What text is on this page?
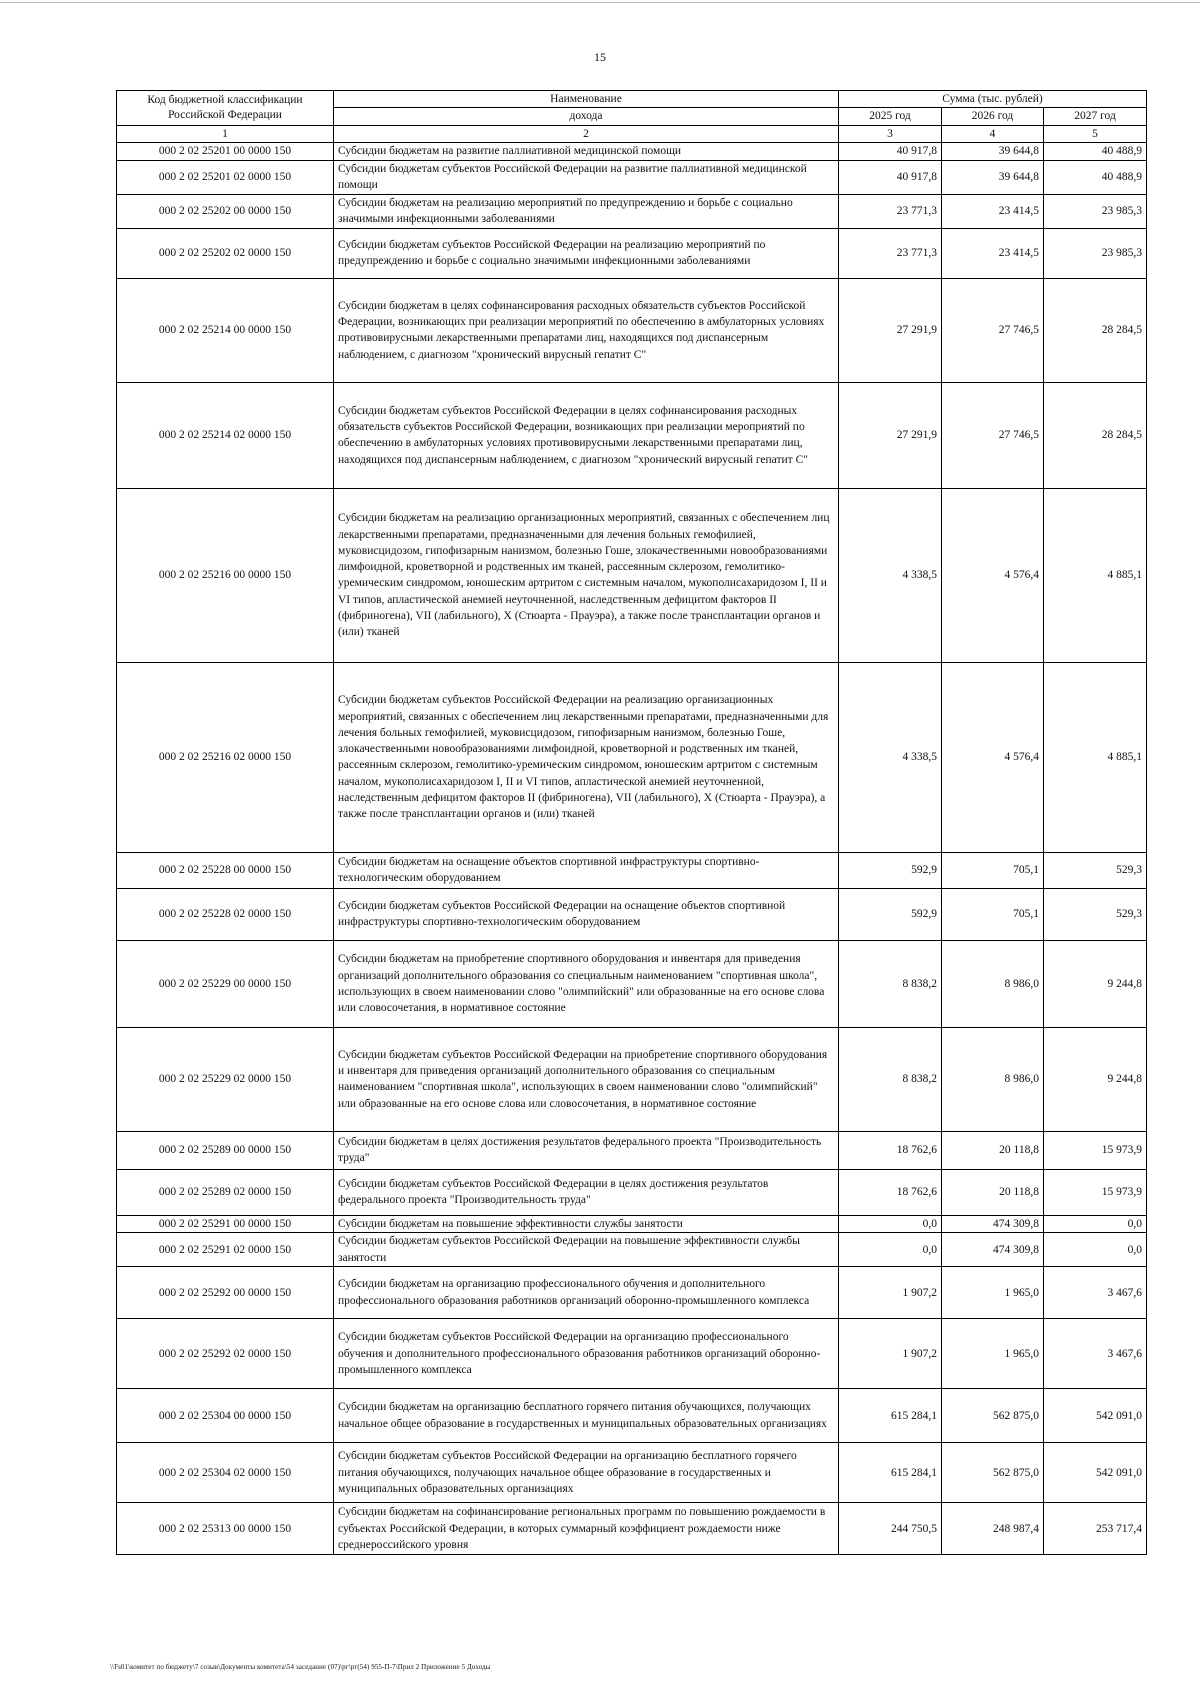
15
Код бюджетной классификации Российской Федерации	Наименование	Сумма (тыс. рублей)		
	дохода	2025 год	2026 год	2027 год
1	2	3	4	5
000 2 02 25201 00 0000 150	Субсидии бюджетам на развитие паллиативной медицинской помощи	40 917,8	39 644,8	40 488,9
000 2 02 25201 02 0000 150	Субсидии бюджетам субъектов Российской Федерации на развитие паллиативной медицинской помощи	40 917,8	39 644,8	40 488,9
000 2 02 25202 00 0000 150	Субсидии бюджетам на реализацию мероприятий по предупреждению и борьбе с социально значимыми инфекционными заболеваниями	23 771,3	23 414,5	23 985,3
000 2 02 25202 02 0000 150	Субсидии бюджетам субъектов Российской Федерации на реализацию мероприятий по предупреждению и борьбе с социально значимыми инфекционными заболеваниями	23 771,3	23 414,5	23 985,3
000 2 02 25214 00 0000 150	Субсидии бюджетам в целях софинансирования расходных обязательств субъектов Российской Федерации, возникающих при реализации мероприятий по обеспечению в амбулаторных условиях противовирусными лекарственными препаратами лиц, находящихся под диспансерным наблюдением, с диагнозом "хронический вирусный гепатит C"	27 291,9	27 746,5	28 284,5
000 2 02 25214 02 0000 150	Субсидии бюджетам субъектов Российской Федерации в целях софинансирования расходных обязательств субъектов Российской Федерации, возникающих при реализации мероприятий по обеспечению в амбулаторных условиях противовирусными лекарственными препаратами лиц, находящихся под диспансерным наблюдением, с диагнозом "хронический вирусный гепатит C"	27 291,9	27 746,5	28 284,5
000 2 02 25216 00 0000 150	Субсидии бюджетам на реализацию организационных мероприятий, связанных с обеспечением лиц лекарственными препаратами, предназначенными для лечения больных гемофилией, муковисцидозом, гипофизарным нанизмом, болезнью Гоше, злокачественными новообразованиями лимфоидной, кроветворной и родственных им тканей, рассеянным склерозом, гемолитико-уремическим синдромом, юношеским артритом с системным началом, мукополисахаридозом I, II и VI типов, апластической анемией неуточненной, наследственным дефицитом факторов II (фибриногена), VII (лабильного), X (Стюарта - Прауэра), а также после трансплантации органов и (или) тканей	4 338,5	4 576,4	4 885,1
000 2 02 25216 02 0000 150	Субсидии бюджетам субъектов Российской Федерации на реализацию организационных мероприятий, связанных с обеспечением лиц лекарственными препаратами, предназначенными для лечения больных гемофилией, муковисцидозом, гипофизарным нанизмом, болезнью Гоше, злокачественными новообразованиями лимфоидной, кроветворной и родственных им тканей, рассеянным склерозом, гемолитико-уремическим синдромом, юношеским артритом с системным началом, мукополисахаридозом I, II и VI типов, апластической анемией неуточненной, наследственным дефицитом факторов II (фибриногена), VII (лабильного), X (Стюарта - Прауэра), а также после трансплантации органов и (или) тканей	4 338,5	4 576,4	4 885,1
000 2 02 25228 00 0000 150	Субсидии бюджетам на оснащение объектов спортивной инфраструктуры спортивно-технологическим оборудованием	592,9	705,1	529,3
000 2 02 25228 02 0000 150	Субсидии бюджетам субъектов Российской Федерации на оснащение объектов спортивной инфраструктуры спортивно-технологическим оборудованием	592,9	705,1	529,3
000 2 02 25229 00 0000 150	Субсидии бюджетам на приобретение спортивного оборудования и инвентаря для приведения организаций дополнительного образования со специальным наименованием "спортивная школа", использующих в своем наименовании слово "олимпийский" или образованные на его основе слова или словосочетания, в нормативное состояние	8 838,2	8 986,0	9 244,8
000 2 02 25229 02 0000 150	Субсидии бюджетам субъектов Российской Федерации на приобретение спортивного оборудования и инвентаря для приведения организаций дополнительного образования со специальным наименованием "спортивная школа", использующих в своем наименовании слово "олимпийский" или образованные на его основе слова или словосочетания, в нормативное состояние	8 838,2	8 986,0	9 244,8
000 2 02 25289 00 0000 150	Субсидии бюджетам в целях достижения результатов федерального проекта "Производительность труда"	18 762,6	20 118,8	15 973,9
000 2 02 25289 02 0000 150	Субсидии бюджетам субъектов Российской Федерации в целях достижения результатов федерального проекта "Производительность труда"	18 762,6	20 118,8	15 973,9
000 2 02 25291 00 0000 150	Субсидии бюджетам на повышение эффективности службы занятости	0,0	474 309,8	0,0
000 2 02 25291 02 0000 150	Субсидии бюджетам субъектов Российской Федерации на повышение эффективности службы занятости	0,0	474 309,8	0,0
000 2 02 25292 00 0000 150	Субсидии бюджетам на организацию профессионального обучения и дополнительного профессионального образования работников организаций оборонно-промышленного комплекса	1 907,2	1 965,0	3 467,6
000 2 02 25292 02 0000 150	Субсидии бюджетам субъектов Российской Федерации на организацию профессионального обучения и дополнительного профессионального образования работников организаций оборонно-промышленного комплекса	1 907,2	1 965,0	3 467,6
000 2 02 25304 00 0000 150	Субсидии бюджетам на организацию бесплатного горячего питания обучающихся, получающих начальное общее образование в государственных и муниципальных образовательных организациях	615 284,1	562 875,0	542 091,0
000 2 02 25304 02 0000 150	Субсидии бюджетам субъектов Российской Федерации на организацию бесплатного горячего питания обучающихся, получающих начальное общее образование в государственных и муниципальных образовательных организациях	615 284,1	562 875,0	542 091,0
000 2 02 25313 00 0000 150	Субсидии бюджетам на софинансирование региональных программ по повышению рождаемости в субъектах Российской Федерации, в которых суммарный коэффициент рождаемости ниже среднероссийского уровня	244 750,5	248 987,4	253 717,4
\\Fs01\комитет по бюджету\7 созыв\Документы комитета\54 заседание (07)\рг\рг(54) 955-П-7\Прил 2 Приложение 5 Доходы
